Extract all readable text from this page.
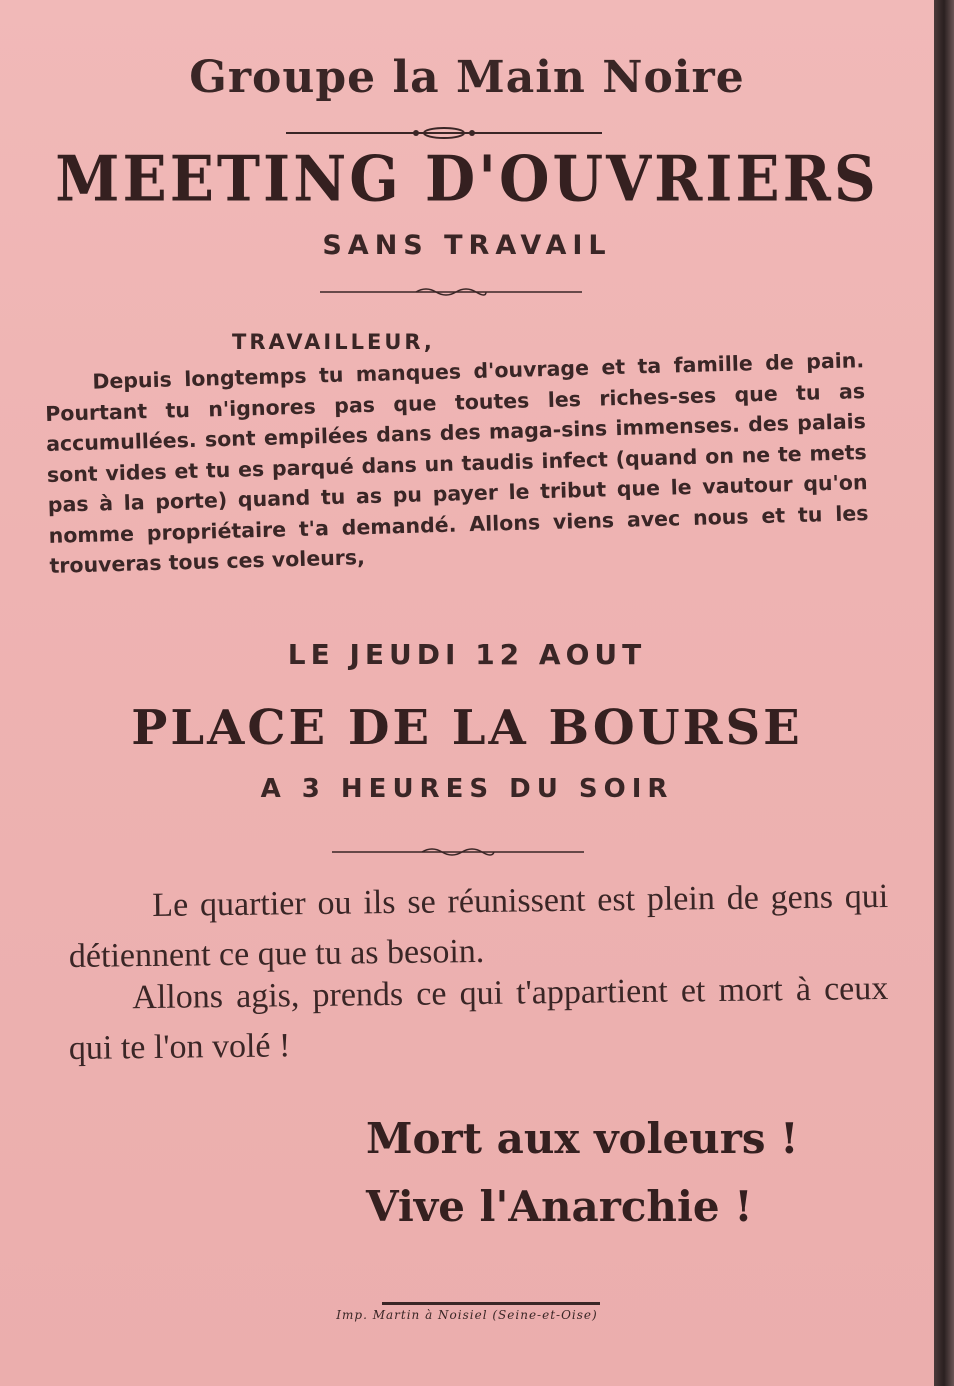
Groupe la Main Noire
MEETING D'OUVRIERS
SANS TRAVAIL
TRAVAILLEUR,
Depuis longtemps tu manques d'ouvrage et ta famille de pain. Pourtant tu n'ignores pas que toutes les riches-ses que tu as accumullées. sont empilées dans des maga-sins immenses. des palais sont vides et tu es parqué dans un taudis infect (quand on ne te mets pas à la porte) quand tu as pu payer le tribut que le vautour qu'on nomme propriétaire t'a demandé. Allons viens avec nous et tu les trouveras tous ces voleurs,
LE JEUDI 12 AOUT
PLACE DE LA BOURSE
A 3 HEURES DU SOIR
Le quartier ou ils se réunissent est plein de gens qui détiennent ce que tu as besoin.
Allons agis, prends ce qui t'appartient et mort à ceux qui te l'on volé !
Mort aux voleurs !
Vive l'Anarchie !
Imp. Martin à Noisiel (Seine-et-Oise)
